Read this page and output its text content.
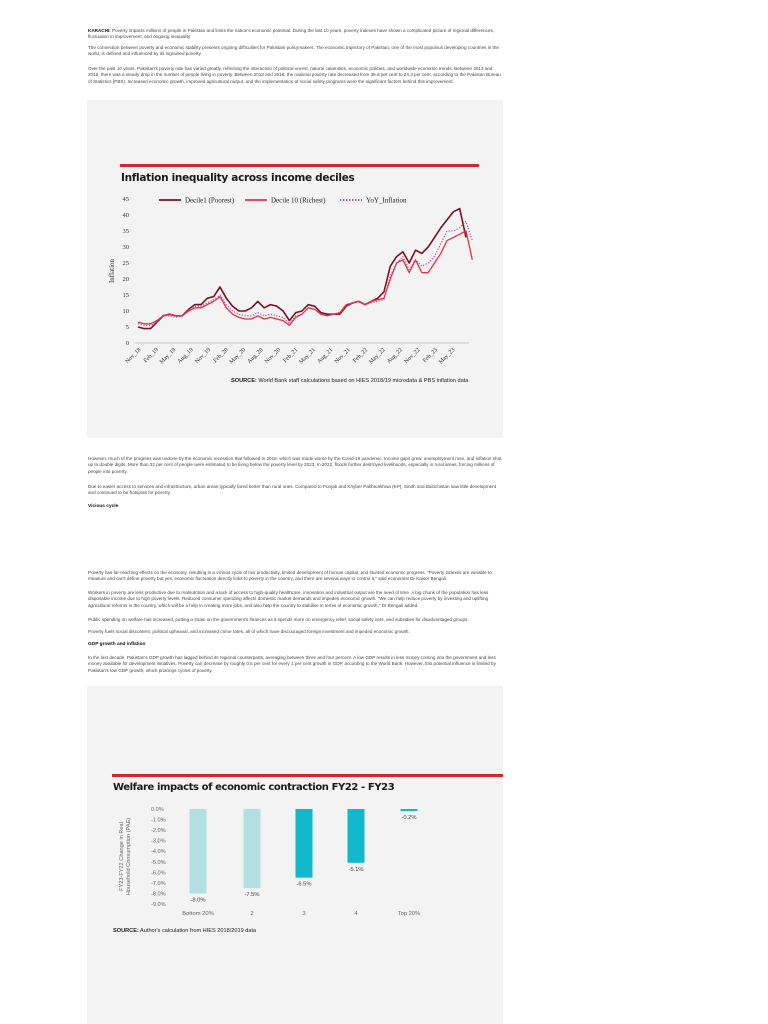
KARACHI: Poverty impacts millions of people in Pakistan and limits the nation's economic potential. During the last 10 years, poverty indexes have shown a complicated picture of regional differences, fluctuation in improvement, and ongoing inequality.

The connection between poverty and economic stability presents ongoing difficulties for Pakistani policymakers. The economic trajectory of Pakistan, one of the most populous developing countries in the world, is defined and influenced by its ingrained poverty.

Over the past 10 years, Pakistan's poverty rate has varied greatly, reflecting the interaction of political unrest, natural calamities, economic policies, and worldwide economic trends. Between 2013 and 2018, there was a steady drop in the number of people living in poverty. Between 2013 and 2018, the national poverty rate decreased from 36.8 per cent to 24.3 per cent, according to the Pakistan Bureau of Statistics (PBS). Increased economic growth, improved agricultural output, and the implementation of social safety programs were the significant factors behind this improvement.

Inflation inequality across income deciles
0
5
10
15
20
25
30
35
40
45
Inflation
Nov_18 Feb_19 May_19 Aug_19 Nov_19 Feb_20 May_20 Aug_20 Nov_20 Feb_21 May_21 Aug_21 Nov_21 Feb_22 May_22 Aug_22 Nov_22 Feb_23 May_23
Decile1 (Poorest)	Decile 10 (Richest)	YoY_Inflation
SOURCE: World Bank staff calculations based on HIES 2018/19 microdata & PBS inflation data

However, much of the progress was undone by the economic recession that followed in 2018, which was made worse by the Covid-19 pandemic. Income gaps grew, unemployment rose, and inflation shot up to double digits. More than 32 per cent of people were estimated to be living below the poverty level by 2023. In 2022, floods further destroyed livelihoods, especially in rural areas, forcing millions of people into poverty.

Due to easier access to services and infrastructure, urban areas typically fared better than rural ones. Compared to Punjab and Khyber Pakhtunkhwa (KP), Sindh and Balochistan saw little development and continued to be hotspots for poverty.

Vicious cycle

Poverty has far-reaching effects on the economy, resulting in a vicious cycle of low productivity, limited development of human capital, and stunted economic progress. "Poverty indexes are variable to measure and can't define poverty but yes, economic fluctuation directly links to poverty in the country, and there are several ways to control it," said economist Dr Kaiser Bengali.

Workers in poverty are less productive due to malnutrition and a lack of access to high-quality healthcare, innovation and industrial output are the need of time. A big chunk of the population has less disposable income due to high poverty levels. Reduced consumer spending affects domestic market demands and impedes economic growth. "We can help reduce poverty by investing and uplifting agricultural reforms in the country, which will be a help in creating more jobs, and also help the country to stabilise in terms of economic growth," Dr Bengali added.

Public spending on welfare has increased, putting a strain on the government's finances as it spends more on emergency relief, social safety nets, and subsidies for disadvantaged groups.

Poverty fuels social discontent, political upheaval, and increased crime rates, all of which have discouraged foreign investment and impeded economic growth.

GDP growth and inflation

In the last decade, Pakistan's GDP growth has lagged behind its regional counterparts, averaging between three and four percent. A low GDP results in less money coming into the government and less money available for development initiatives. Poverty can decrease by roughly 0.5 per cent for every 1 per cent growth in GDP, according to the World Bank. However, this potential influence is limited by Pakistan's low GDP growth, which prolongs cycles of poverty.

Welfare impacts of economic contraction FY22 - FY23
0.0%
-1.0%
-2.0%
-3.0%
-4.0%
-5.0%
-6.0%
-7.0%
-8.0%
-9.0%
FY23-FY22 Change in Real Household Consumption (PAE)
-8.0%
Bottom 20%
-7.5%
2
-6.5%
3
-5.1%
4
-0.2%
Top 20%
SOURCE: Author's calculation from HIES 2018/2019 data
